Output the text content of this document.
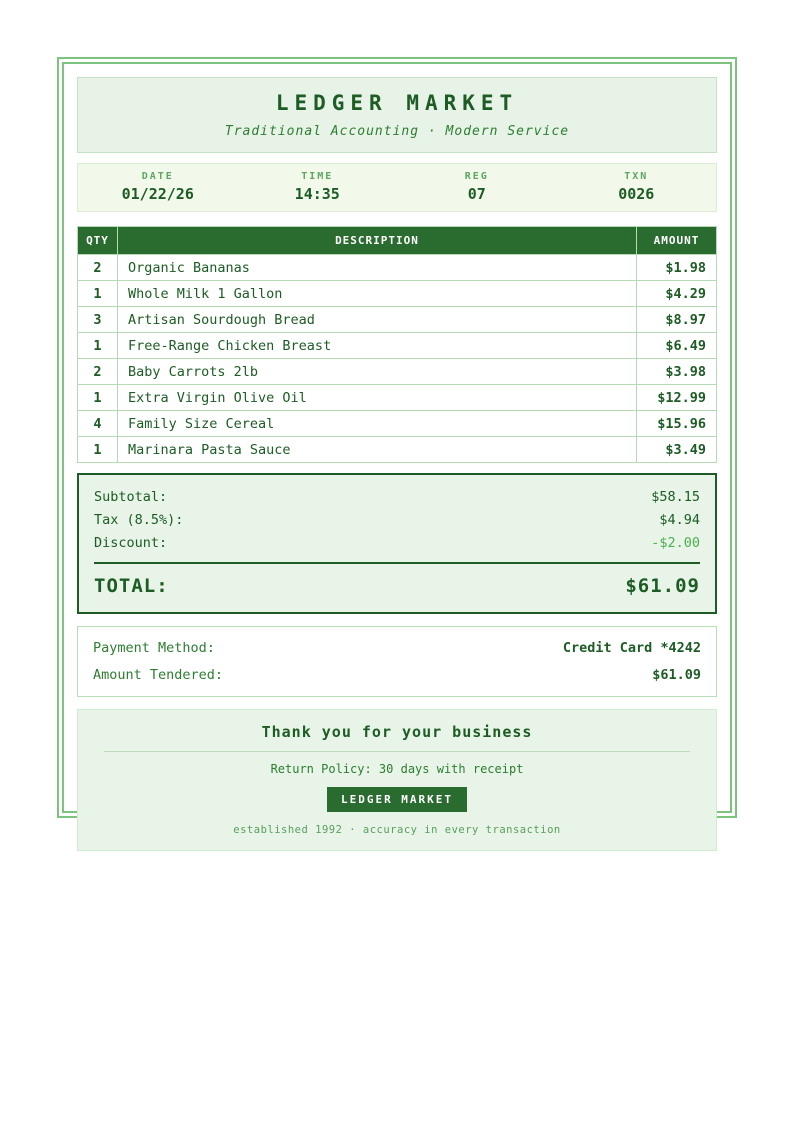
LEDGER MARKET
Traditional Accounting · Modern Service
DATE
01/22/26
TIME
14:35
REG
07
TXN
0026
QTY	DESCRIPTION	AMOUNT
2	Organic Bananas	$1.98
1	Whole Milk 1 Gallon	$4.29
3	Artisan Sourdough Bread	$8.97
1	Free-Range Chicken Breast	$6.49
2	Baby Carrots 2lb	$3.98
1	Extra Virgin Olive Oil	$12.99
4	Family Size Cereal	$15.96
1	Marinara Pasta Sauce	$3.49
Subtotal:	$58.15
Tax (8.5%):	$4.94
Discount:	-$2.00
TOTAL:	$61.09
Payment Method:	Credit Card *4242
Amount Tendered:	$61.09
Thank you for your business
Return Policy: 30 days with receipt
LEDGER MARKET
established 1992 · accuracy in every transaction
